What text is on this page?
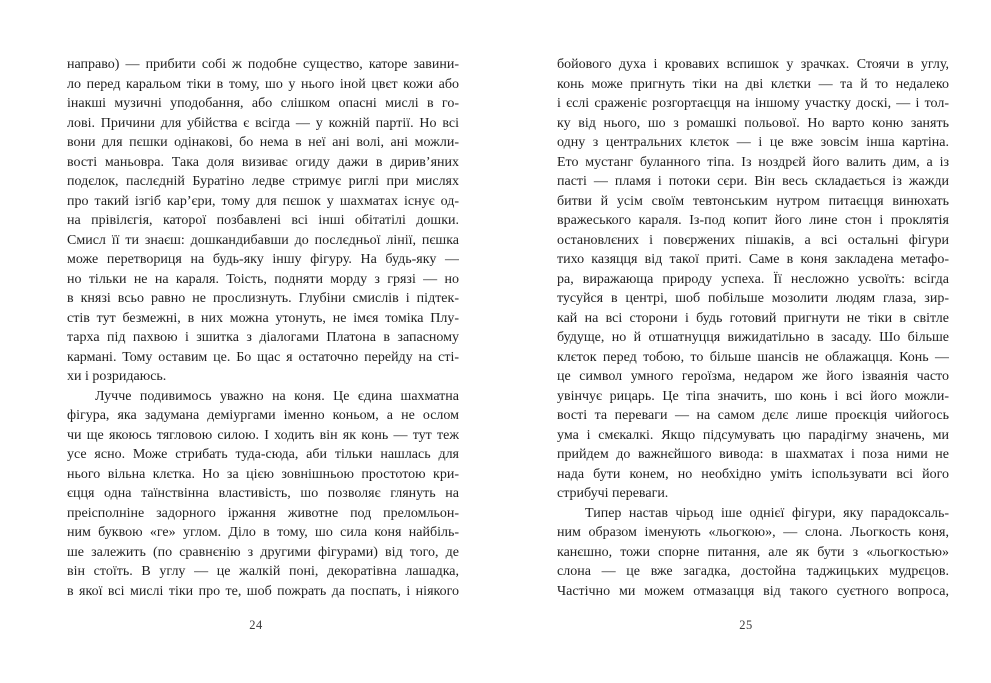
направо) — прибити собі ж подобне существо, каторе завини-
ло перед каральом тіки в тому, шо у нього іной цвєт кожи або
інакші музичні уподобання, або слішком опасні мислі в го-
лові. Причини для убійства є всігда — у кожній партії. Но всі
вони для пєшки одінакові, бо нема в неї ані волі, ані можли-
вості маньовра. Така доля визиває огиду дажи в дирив’яних
подєлок, паслєдній Буратіно ледве стримує риглі при мислях
про такий ізгіб кар’єри, тому для пєшок у шахматах існує од-
на прівілєгія, каторої позбавлені всі інші обітатілі дошки.
Смисл її ти знаєш: дошкандибавши до послєдньої лінії, пєшка
може перетвориця на будь-яку іншу фігуру. На будь-яку —
но тільки не на караля. Тоість, подняти морду з грязі — но
в князі всьо равно не прослизнуть. Глубіни смислів і підтек-
стів тут безмежні, в них можна утонуть, не імєя томіка Плу-
тарха під пахвою і зшитка з діалогами Платона в запасному
кармані. Тому оставим це. Бо щас я остаточно перейду на сті-
хи і розридаюсь.
Лучче подивимось уважно на коня. Це єдина шахматна
фігура, яка задумана деміургами іменно коньом, а не ослом
чи ще якоюсь тягловою силою. І ходить він як конь — тут теж
усе ясно. Може стрибать туда-сюда, аби тільки нашлась для
нього вільна клєтка. Но за цією зовнішньою простотою кри-
єцця одна таїнствінна властивість, шо позволяє глянуть на
преісполніне задорного іржання животне под преломльон-
ним буквою «ге» углом. Діло в тому, шо сила коня найбіль-
ше залежить (по сравнєнію з другими фігурами) від того, де
він стоїть. В углу — це жалкій поні, декоратівна лашадка,
в якої всі мислі тіки про те, шоб пожрать да поспать, і ніякого
24
бойового духа і кровавих вспишок у зрачках. Стоячи в углу,
конь може пригнуть тіки на дві клєтки — та й то недалеко
і єслі сраженіє розгортаєцця на іншому участку доскі, — і тол-
ку від нього, шо з ромашкі польової. Но варто коню занять
одну з центральних клєток — і це вже зовсім інша картіна.
Ето мустанг буланного тіпа. Із ноздрєй його валить дим, а із
пасті — пламя і потоки сєри. Він весь складається із жажди
битви й усім своїм тевтонським нутром питаєцця винюхать
вражеського караля. Із-под копит його лине стон і проклятія
остановлєних і повєржених пішаків, а всі остальні фігури
тихо казяцця від такої приті. Саме в коня закладена метафо-
ра, виражающа природу успеха. Її несложно усвоїть: всігда
тусуйся в центрі, шоб побільше мозолити людям глаза, зир-
кай на всі сторони і будь готовий пригнути не тіки в світле
будуще, но й отшатнуцця вижидатільно в засаду. Шо більше
клєток перед тобою, то більше шансів не облажацця. Конь —
це символ умного героїзма, недаром же його ізваянія часто
увінчує рицарь. Це тіпа значить, шо конь і всі його можли-
вості та переваги — на самом дєлє лише проєкція чийогось
ума і смєкалкі. Якщо підсумувать цю парадігму значень, ми
прийдем до важнєйшого вивода: в шахматах і поза ними не
нада бути конем, но необхідно уміть іспользувати всі його
стрибучі переваги.
Типер настав чірьод іше однієї фігури, яку парадоксаль-
ним образом іменують «льогкою», — слона. Льогкость коня,
канєшно, тожи спорне питання, але як бути з «льогкостью»
слона — це вже загадка, достойна таджицьких мудрєцов.
Частічно ми можем отмазацця від такого суєтного вопроса,
25
